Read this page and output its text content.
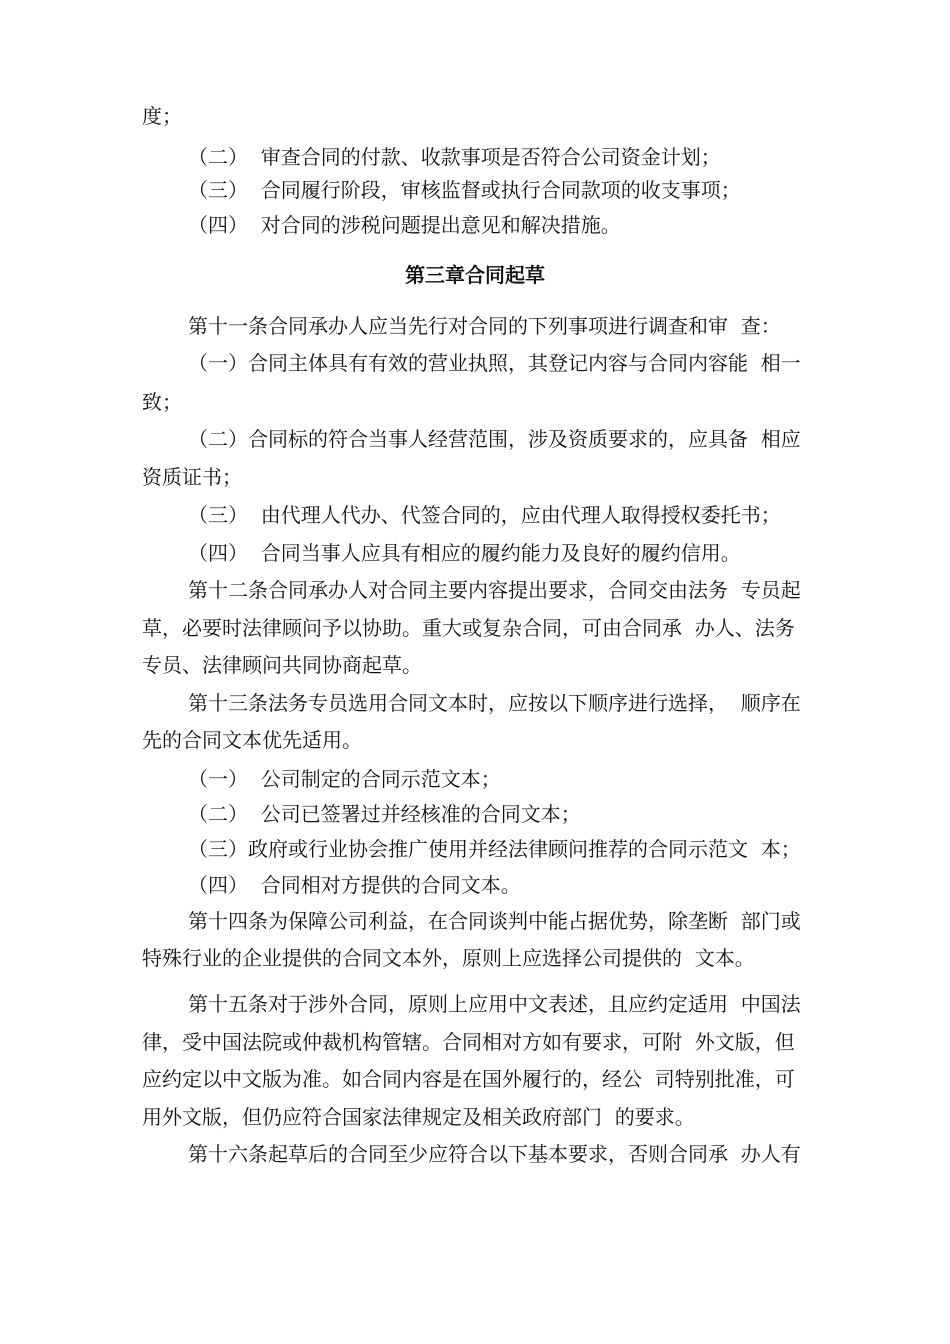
度；

（二）  审查合同的付款、收款事项是否符合公司资金计划；

（三）  合同履行阶段，审核监督或执行合同款项的收支事项；

（四）  对合同的涉税问题提出意见和解决措施。

第三章合同起草

第十一条合同承办人应当先行对合同的下列事项进行调查和审  查：

（一）合同主体具有有效的营业执照，其登记内容与合同内容能  相一

致；

（二）合同标的符合当事人经营范围，涉及资质要求的，应具备  相应

资质证书；

（三）  由代理人代办、代签合同的，应由代理人取得授权委托书；

（四）  合同当事人应具有相应的履约能力及良好的履约信用。

第十二条合同承办人对合同主要内容提出要求，合同交由法务  专员起

草，必要时法律顾问予以协助。重大或复杂合同，可由合同承  办人、法务

专员、法律顾问共同协商起草。

第十三条法务专员选用合同文本时，应按以下顺序进行选择，  顺序在

先的合同文本优先适用。

（一）  公司制定的合同示范文本；

（二）  公司已签署过并经核准的合同文本；

（三）政府或行业协会推广使用并经法律顾问推荐的合同示范文  本；

（四）  合同相对方提供的合同文本。

第十四条为保障公司利益，在合同谈判中能占据优势，除垄断  部门或

特殊行业的企业提供的合同文本外，原则上应选择公司提供的  文本。

第十五条对于涉外合同，原则上应用中文表述，且应约定适用  中国法

律，受中国法院或仲裁机构管辖。合同相对方如有要求，可附  外文版，但

应约定以中文版为准。如合同内容是在国外履行的，经公  司特别批准，可

用外文版，但仍应符合国家法律规定及相关政府部门  的要求。

第十六条起草后的合同至少应符合以下基本要求，否则合同承  办人有
